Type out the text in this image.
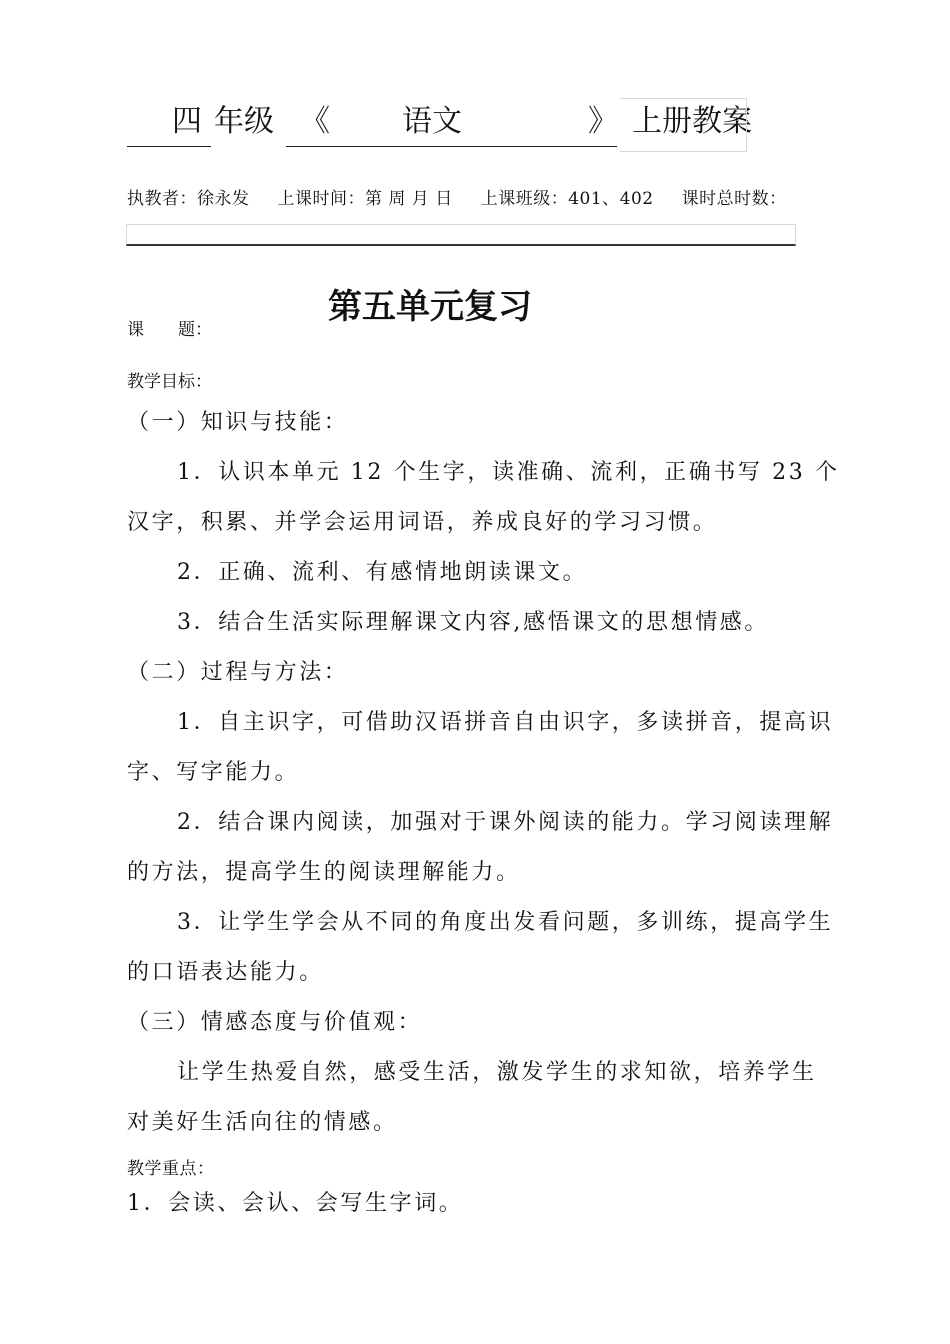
四 年级 《 语文	》 上册教案
执教者：徐永发 上课时间：第 周 月 日 上课班级：401、402 课时总时数：
课　　题：
第五单元复习
教学目标：

（一）知识与技能：

1．认识本单元 12 个生字，读准确、流利，正确书写 23 个汉字，积累、并学会运用词语，养成良好的学习习惯。

2．正确、流利、有感情地朗读课文。

3．结合生活实际理解课文内容,感悟课文的思想情感。

（二）过程与方法：

1．自主识字，可借助汉语拼音自由识字，多读拼音，提高识字、写字能力。

2．结合课内阅读，加强对于课外阅读的能力。学习阅读理解的方法，提高学生的阅读理解能力。

3．让学生学会从不同的角度出发看问题，多训练，提高学生的口语表达能力。

（三）情感态度与价值观：

让学生热爱自然，感受生活，激发学生的求知欲，培养学生对美好生活向往的情感。

教学重点：

1．会读、会认、会写生字词。
